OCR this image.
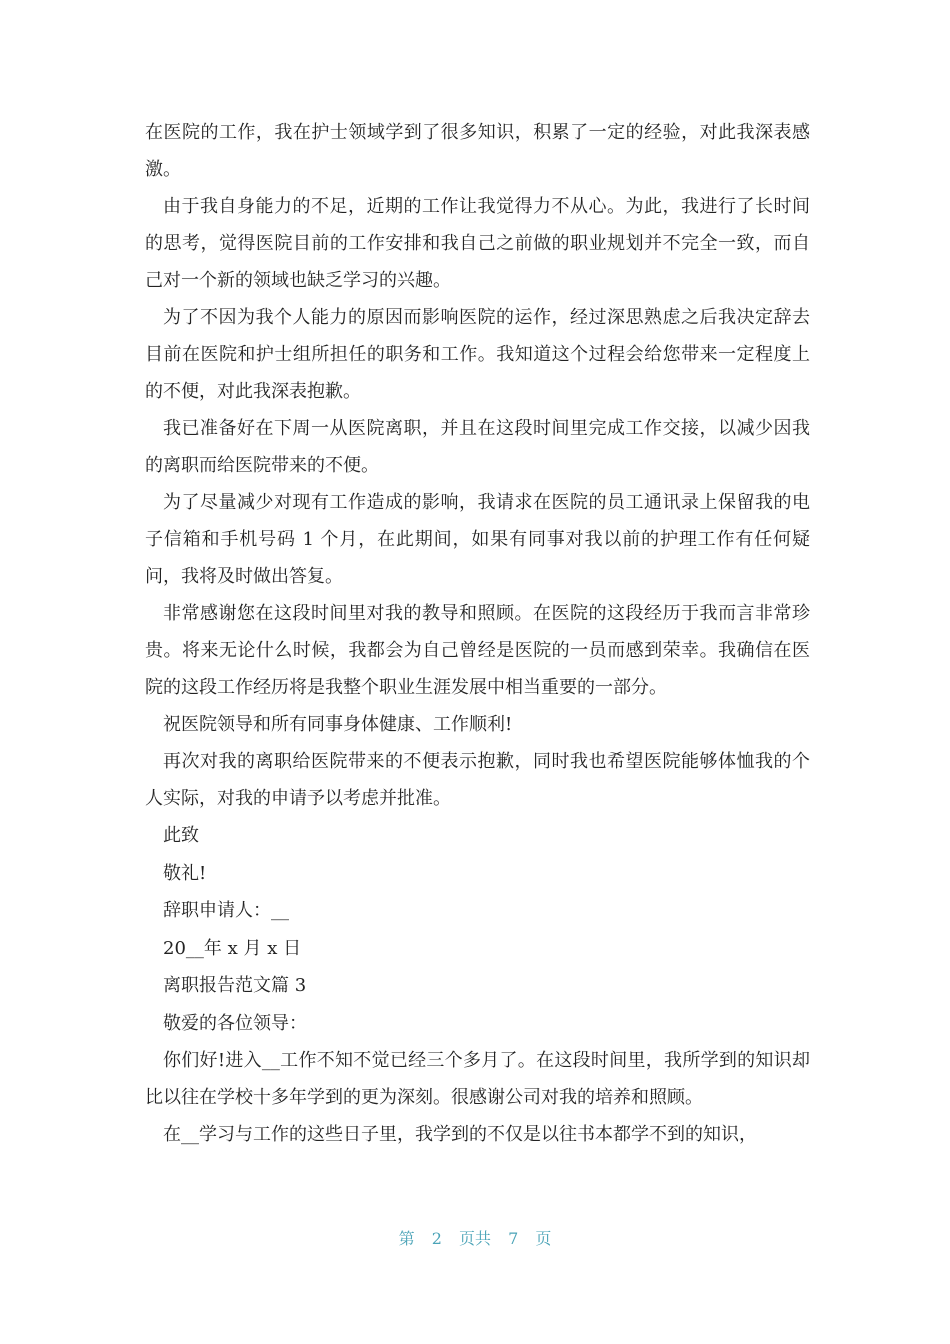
在医院的工作，我在护士领域学到了很多知识，积累了一定的经验，对此我深表感激。

由于我自身能力的不足，近期的工作让我觉得力不从心。为此，我进行了长时间的思考，觉得医院目前的工作安排和我自己之前做的职业规划并不完全一致，而自己对一个新的领域也缺乏学习的兴趣。

为了不因为我个人能力的原因而影响医院的运作，经过深思熟虑之后我决定辞去目前在医院和护士组所担任的职务和工作。我知道这个过程会给您带来一定程度上的不便，对此我深表抱歉。

我已准备好在下周一从医院离职，并且在这段时间里完成工作交接，以减少因我的离职而给医院带来的不便。

为了尽量减少对现有工作造成的影响，我请求在医院的员工通讯录上保留我的电子信箱和手机号码 1 个月，在此期间，如果有同事对我以前的护理工作有任何疑问，我将及时做出答复。

非常感谢您在这段时间里对我的教导和照顾。在医院的这段经历于我而言非常珍贵。将来无论什么时候，我都会为自己曾经是医院的一员而感到荣幸。我确信在医院的这段工作经历将是我整个职业生涯发展中相当重要的一部分。

祝医院领导和所有同事身体健康、工作顺利!

再次对我的离职给医院带来的不便表示抱歉，同时我也希望医院能够体恤我的个人实际，对我的申请予以考虑并批准。

此致

敬礼!

辞职申请人：__

20__年 x 月 x 日

离职报告范文篇 3

敬爱的各位领导：

你们好!进入__工作不知不觉已经三个多月了。在这段时间里，我所学到的知识却比以往在学校十多年学到的更为深刻。很感谢公司对我的培养和照顾。

在__学习与工作的这些日子里，我学到的不仅是以往书本都学不到的知识，

第 2 页共 7 页
